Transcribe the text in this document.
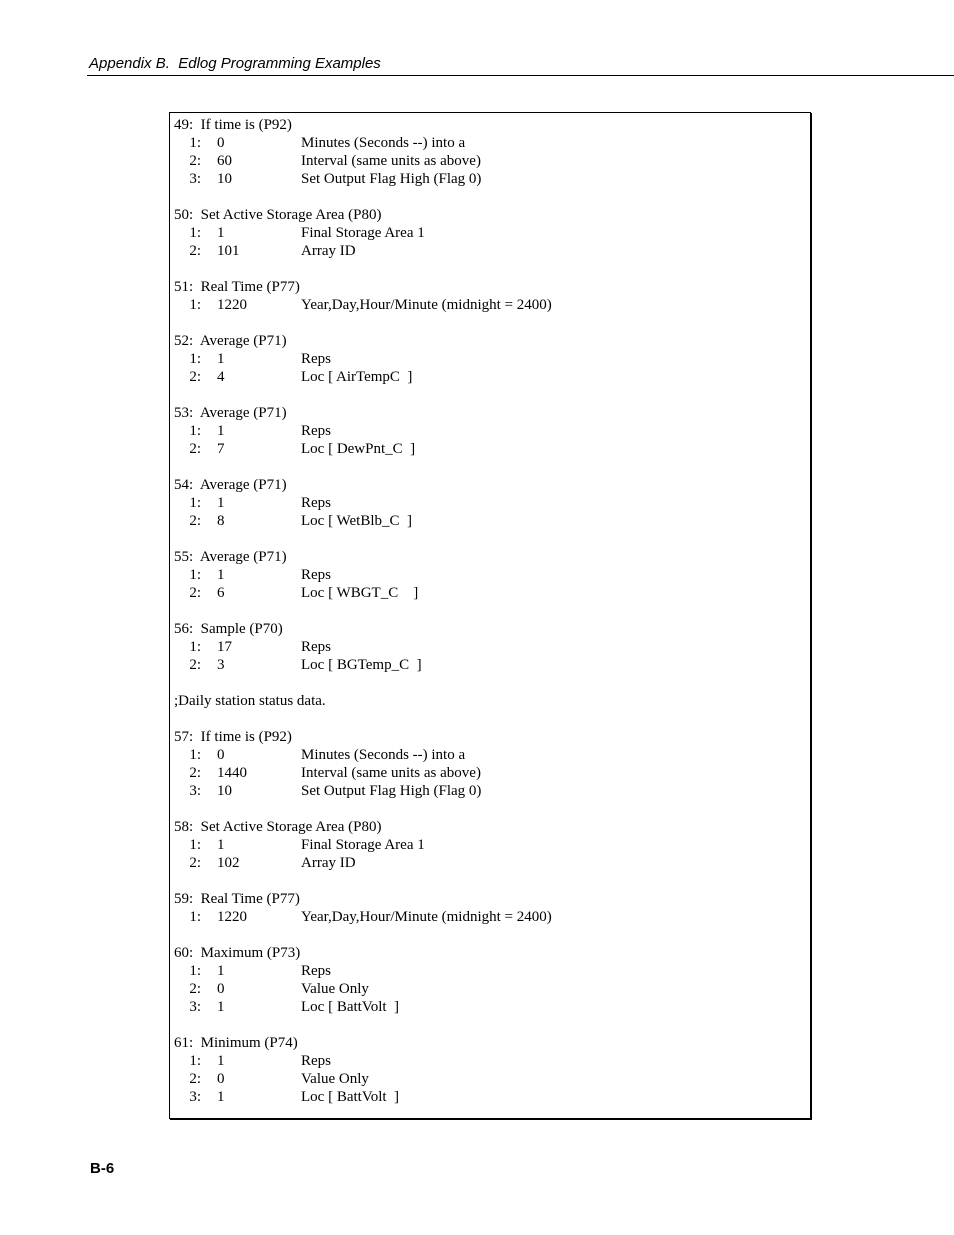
Appendix B.  Edlog Programming Examples
49:  If time is (P92)
1: 0	Minutes (Seconds --) into a
2: 60	Interval (same units as above)
3: 10	Set Output Flag High (Flag 0)
50:  Set Active Storage Area (P80)
1: 1	Final Storage Area 1
2: 101	Array ID
51:  Real Time (P77)
1: 1220	Year,Day,Hour/Minute (midnight = 2400)
52:  Average (P71)
1: 1	Reps
2: 4	Loc [ AirTempC  ]
53:  Average (P71)
1: 1	Reps
2: 7	Loc [ DewPnt_C  ]
54:  Average (P71)
1: 1	Reps
2: 8	Loc [ WetBlb_C  ]
55:  Average (P71)
1: 1	Reps
2: 6	Loc [ WBGT_C    ]
56:  Sample (P70)
1: 17	Reps
2: 3	Loc [ BGTemp_C  ]
;Daily station status data.
57:  If time is (P92)
1: 0	Minutes (Seconds --) into a
2: 1440	Interval (same units as above)
3: 10	Set Output Flag High (Flag 0)
58:  Set Active Storage Area (P80)
1: 1	Final Storage Area 1
2: 102	Array ID
59:  Real Time (P77)
1: 1220	Year,Day,Hour/Minute (midnight = 2400)
60:  Maximum (P73)
1: 1	Reps
2: 0	Value Only
3: 1	Loc [ BattVolt  ]
61:  Minimum (P74)
1: 1	Reps
2: 0	Value Only
3: 1	Loc [ BattVolt  ]
B-6
